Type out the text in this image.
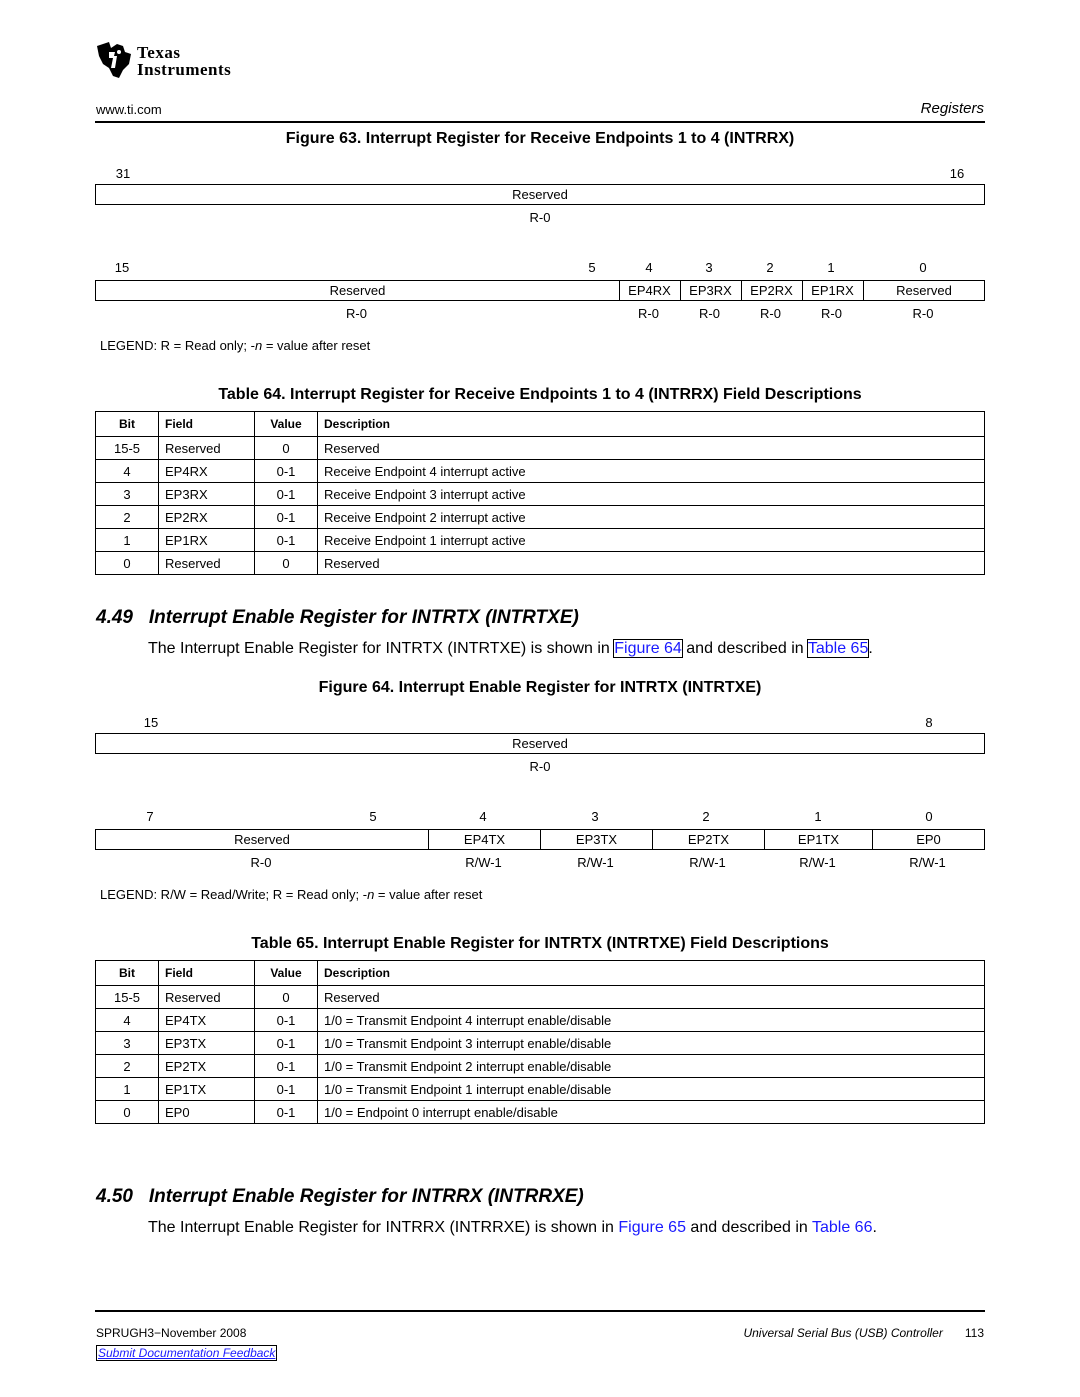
Texas
Instruments
www.ti.com	Registers
Figure 63. Interrupt Register for Receive Endpoints 1 to 4 (INTRRX)
31	16
Reserved
R-0
15	5	4	3	2	1	0
Reserved	EP4RX	EP3RX	EP2RX	EP1RX	Reserved
R-0	R-0	R-0	R-0	R-0	R-0
LEGEND: R = Read only; -n = value after reset
Table 64. Interrupt Register for Receive Endpoints 1 to 4 (INTRRX) Field Descriptions
Bit	Field	Value	Description
15-5	Reserved	0	Reserved
4	EP4RX	0-1	Receive Endpoint 4 interrupt active
3	EP3RX	0-1	Receive Endpoint 3 interrupt active
2	EP2RX	0-1	Receive Endpoint 2 interrupt active
1	EP1RX	0-1	Receive Endpoint 1 interrupt active
0	Reserved	0	Reserved
4.49   Interrupt Enable Register for INTRTX (INTRTXE)
The Interrupt Enable Register for INTRTX (INTRTXE) is shown in Figure 64 and described in Table 65.
Figure 64. Interrupt Enable Register for INTRTX (INTRTXE)
15	8
Reserved
R-0
7	5	4	3	2	1	0
Reserved	EP4TX	EP3TX	EP2TX	EP1TX	EP0
R-0	R/W-1	R/W-1	R/W-1	R/W-1	R/W-1
LEGEND: R/W = Read/Write; R = Read only; -n = value after reset
Table 65. Interrupt Enable Register for INTRTX (INTRTXE) Field Descriptions
Bit	Field	Value	Description
15-5	Reserved	0	Reserved
4	EP4TX	0-1	1/0 = Transmit Endpoint 4 interrupt enable/disable
3	EP3TX	0-1	1/0 = Transmit Endpoint 3 interrupt enable/disable
2	EP2TX	0-1	1/0 = Transmit Endpoint 2 interrupt enable/disable
1	EP1TX	0-1	1/0 = Transmit Endpoint 1 interrupt enable/disable
0	EP0	0-1	1/0 = Endpoint 0 interrupt enable/disable
4.50   Interrupt Enable Register for INTRRX (INTRRXE)
The Interrupt Enable Register for INTRRX (INTRRXE) is shown in Figure 65 and described in Table 66.
SPRUGH3−November 2008	Universal Serial Bus (USB) Controller 113
Submit Documentation Feedback
